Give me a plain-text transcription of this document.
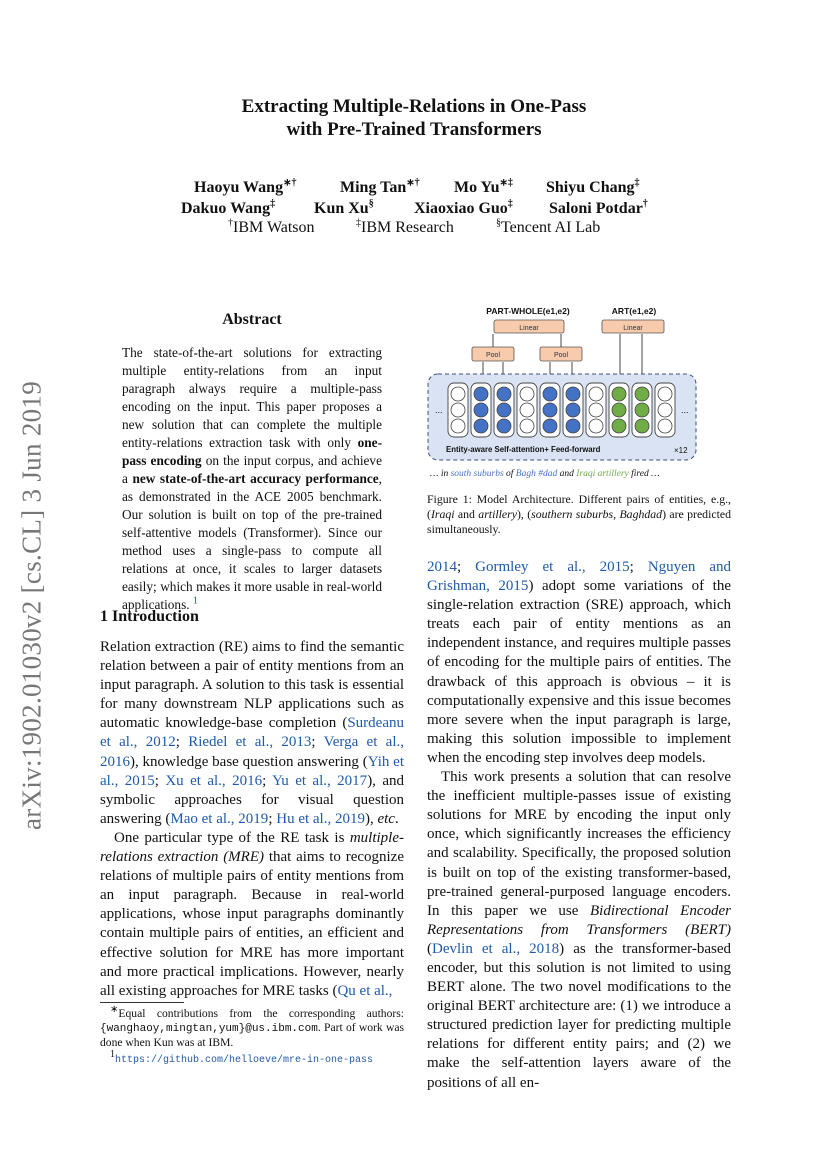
arXiv:1902.01030v2 [cs.CL] 3 Jun 2019
Extracting Multiple-Relations in One-Pass
with Pre-Trained Transformers
Haoyu Wang∗†	Ming Tan∗† Mo Yu∗‡ Shiyu Chang‡
Dakuo Wang‡ Kun Xu§	Xiaoxiao Guo‡ Saloni Potdar†
†IBM Watson	‡IBM Research	§Tencent AI Lab
Abstract
The state-of-the-art solutions for extracting multiple entity-relations from an input paragraph always require a multiple-pass encoding on the input. This paper proposes a new solution that can complete the multiple entity-relations extraction task with only one-pass encoding on the input corpus, and achieve a new state-of-the-art accuracy performance, as demonstrated in the ACE 2005 benchmark. Our solution is built on top of the pre-trained self-attentive models (Transformer). Since our method uses a single-pass to compute all relations at once, it scales to larger datasets easily; which makes it more usable in real-world applications. $^1$
1 Introduction

Relation extraction (RE) aims to find the semantic relation between a pair of entity mentions from an input paragraph. A solution to this task is essential for many downstream NLP applications such as automatic knowledge-base completion (Surdeanu et al., 2012; Riedel et al., 2013; Verga et al., 2016), knowledge base question answering (Yih et al., 2015; Xu et al., 2016; Yu et al., 2017), and symbolic approaches for visual question answering (Mao et al., 2019; Hu et al., 2019), etc.

One particular type of the RE task is multiple-relations extraction (MRE) that aims to recognize relations of multiple pairs of entity mentions from an input paragraph. Because in real-world applications, whose input paragraphs dominantly contain multiple pairs of entities, an efficient and effective solution for MRE has more important and more practical implications. However, nearly all existing approaches for MRE tasks (Qu et al.,

∗Equal contributions from the corresponding authors: {wanghaoy,mingtan,yum}@us.ibm.com. Part of work was done when Kun was at IBM.
$^1$https://github.com/helloeve/mre-in-one-pass
PART-WHOLE(e1,e2)	ART(e1,e2)
Linear	Linear
Pool	Pool
...	...
Entity-aware Self-attention+ Feed-forward	×12
… in south suburbs of Bagh #dad and Iraqi artillery fired …
Figure 1: Model Architecture. Different pairs of entities, e.g., (Iraqi and artillery), (southern suburbs, Baghdad) are predicted simultaneously.

2014; Gormley et al., 2015; Nguyen and Grishman, 2015) adopt some variations of the single-relation extraction (SRE) approach, which treats each pair of entity mentions as an independent instance, and requires multiple passes of encoding for the multiple pairs of entities. The drawback of this approach is obvious – it is computationally expensive and this issue becomes more severe when the input paragraph is large, making this solution impossible to implement when the encoding step involves deep models.

This work presents a solution that can resolve the inefficient multiple-passes issue of existing solutions for MRE by encoding the input only once, which significantly increases the efficiency and scalability. Specifically, the proposed solution is built on top of the existing transformer-based, pre-trained general-purposed language encoders. In this paper we use Bidirectional Encoder Representations from Transformers (BERT) (Devlin et al., 2018) as the transformer-based encoder, but this solution is not limited to using BERT alone. The two novel modifications to the original BERT architecture are: (1) we introduce a structured prediction layer for predicting multiple relations for different entity pairs; and (2) we make the self-attention layers aware of the positions of all en-
